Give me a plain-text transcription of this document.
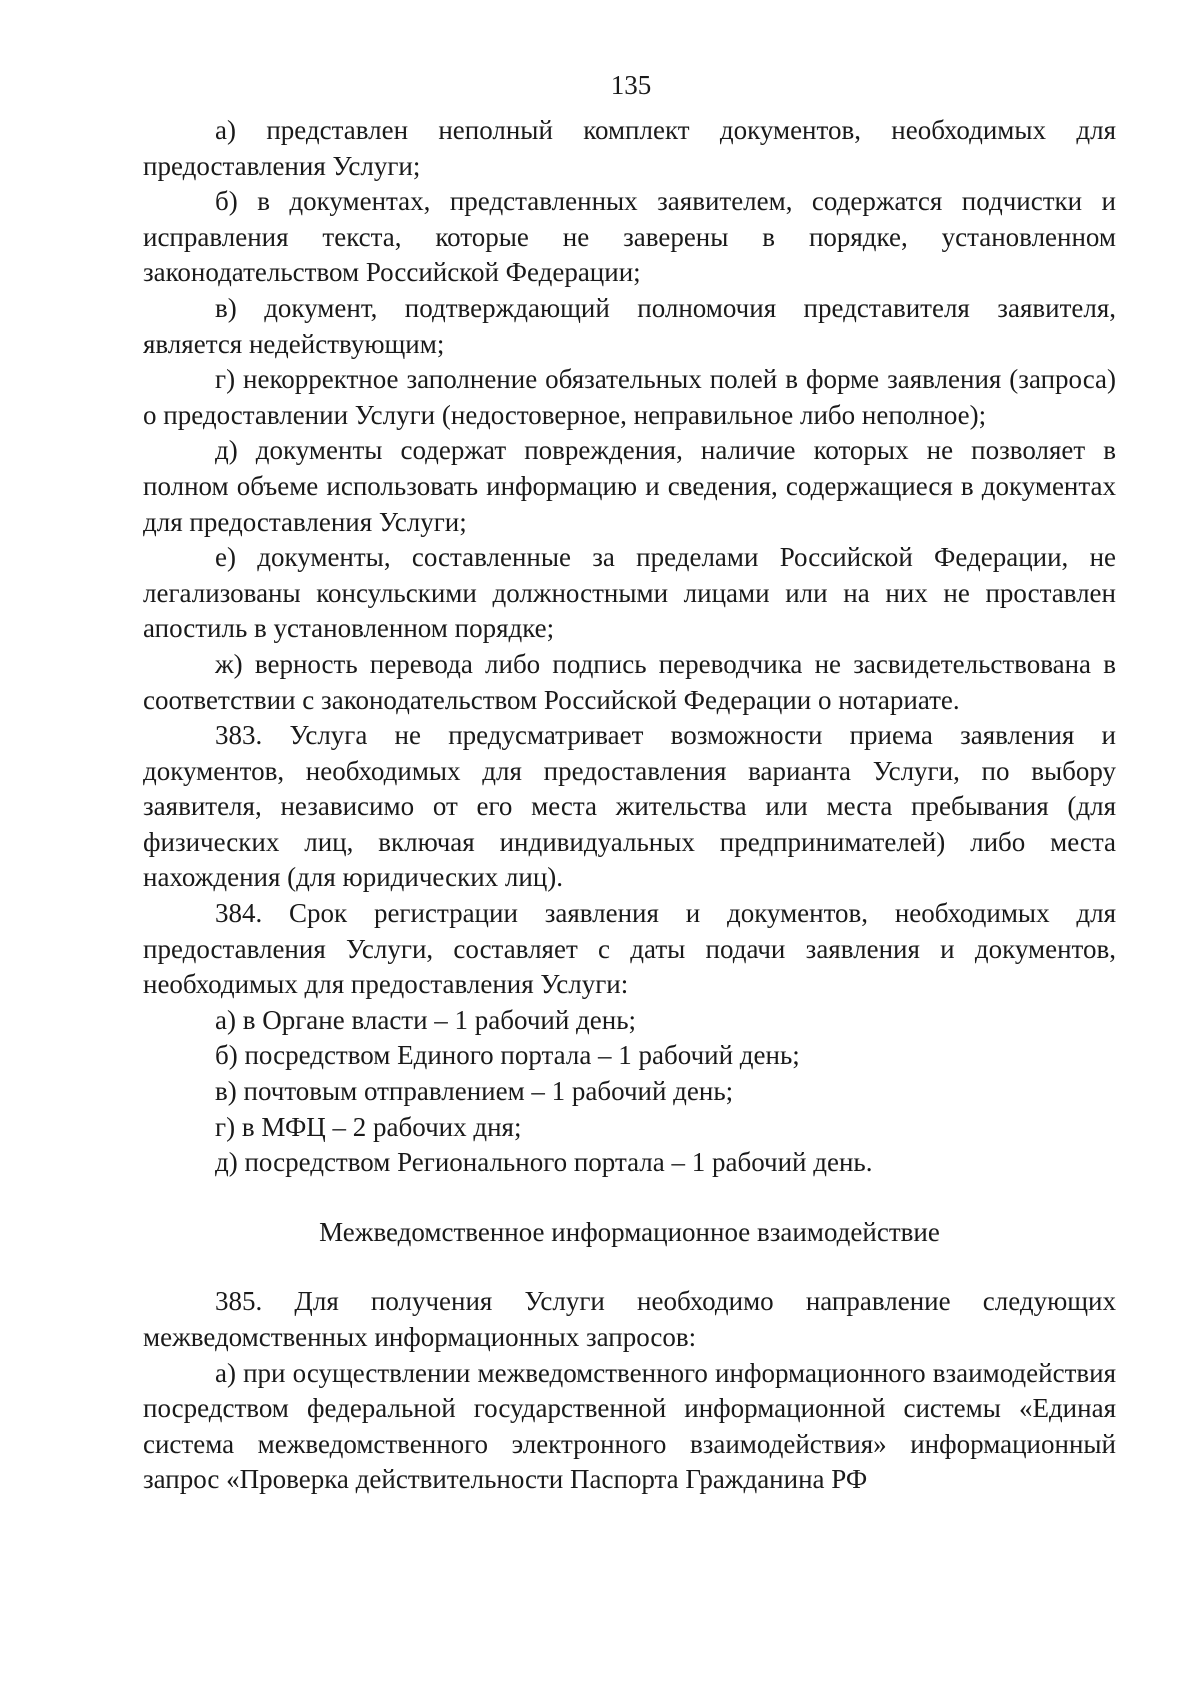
135

а) представлен неполный комплект документов, необходимых для предоставления Услуги;

б) в документах, представленных заявителем, содержатся подчистки и исправления текста, которые не заверены в порядке, установленном законодательством Российской Федерации;

в) документ, подтверждающий полномочия представителя заявителя, является недействующим;

г) некорректное заполнение обязательных полей в форме заявления (запроса) о предоставлении Услуги (недостоверное, неправильное либо неполное);

д) документы содержат повреждения, наличие которых не позволяет в полном объеме использовать информацию и сведения, содержащиеся в документах для предоставления Услуги;

е) документы, составленные за пределами Российской Федерации, не легализованы консульскими должностными лицами или на них не проставлен апостиль в установленном порядке;

ж) верность перевода либо подпись переводчика не засвидетельствована в соответствии с законодательством Российской Федерации о нотариате.

383. Услуга не предусматривает возможности приема заявления и документов, необходимых для предоставления варианта Услуги, по выбору заявителя, независимо от его места жительства или места пребывания (для физических лиц, включая индивидуальных предпринимателей) либо места нахождения (для юридических лиц).

384. Срок регистрации заявления и документов, необходимых для предоставления Услуги, составляет с даты подачи заявления и документов, необходимых для предоставления Услуги:

а) в Органе власти – 1 рабочий день;

б) посредством Единого портала – 1 рабочий день;

в) почтовым отправлением – 1 рабочий день;

г) в МФЦ – 2 рабочих дня;

д) посредством Регионального портала – 1 рабочий день.

Межведомственное информационное взаимодействие

385. Для получения Услуги необходимо направление следующих межведомственных информационных запросов:

а) при осуществлении межведомственного информационного взаимодействия посредством федеральной государственной информационной системы «Единая система межведомственного электронного взаимодействия» информационный запрос «Проверка действительности Паспорта Гражданина РФ
